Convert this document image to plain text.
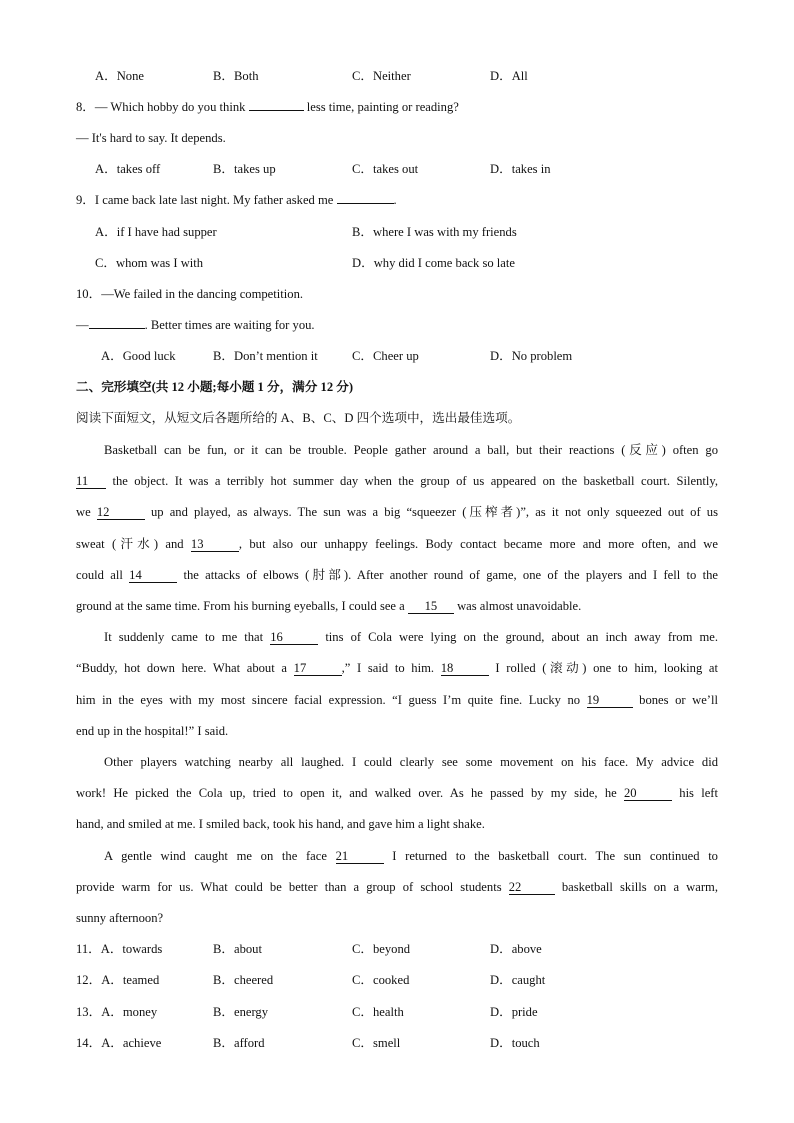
A．None	B．Both	C．Neither	D．All
8．— Which hobby do you think	less time, painting or reading?
— It's hard to say. It depends.
A．takes off	B．takes up	C．takes out	D．takes in
9．I came back late last night. My father asked me	.
A．if I have had supper	B．where I was with my friends
C．whom was I with	D．why did I come back so late
10．—We failed in the dancing competition.
—	. Better times are waiting for you.
A．Good luck	B．Don’t mention it	C．Cheer up	D．No problem
二、完形填空(共 12 小题;每小题 1 分，满分 12 分)
阅读下面短文，从短文后各题所给的 A、B、C、D 四个选项中，选出最佳选项。
Basketball can be fun, or it can be trouble. People gather around a ball, but their reactions (反应) often go
11 the object. It was a terribly hot summer day when the group of us appeared on the basketball court. Silently,
we 12	up and played, as always. The sun was a big “squeezer (压榨者)”, as it not only squeezed out of us
sweat (汗水) and 13	, but also our unhappy feelings. Body contact became more and more often, and we
could all 14	the attacks of elbows (肘部). After another round of game, one of the players and I fell to the
ground at the same time. From his burning eyeballs, I could see a 15 was almost unavoidable.
It suddenly came to me that 16	tins of Cola were lying on the ground, about an inch away from me.
“Buddy, hot down here. What about a 17	,” I said to him. 18	I rolled (滚动) one to him, looking at
him in the eyes with my most sincere facial expression. “I guess I’m quite fine. Lucky no 19	bones or we’ll
end up in the hospital!” I said.
Other players watching nearby all laughed. I could clearly see some movement on his face. My advice did
work! He picked the Cola up, tried to open it, and walked over. As he passed by my side, he 20	his left
hand, and smiled at me. I smiled back, took his hand, and gave him a light shake.
A gentle wind caught me on the face 21	I returned to the basketball court. The sun continued to
provide warm for us. What could be better than a group of school students 22	basketball skills on a warm,
sunny afternoon?
11．A．towards	B．about	C．beyond	D．above
12．A．teamed	B．cheered	C．cooked	D．caught
13．A．money	B．energy	C．health	D．pride
14．A．achieve	B．afford	C．smell	D．touch
